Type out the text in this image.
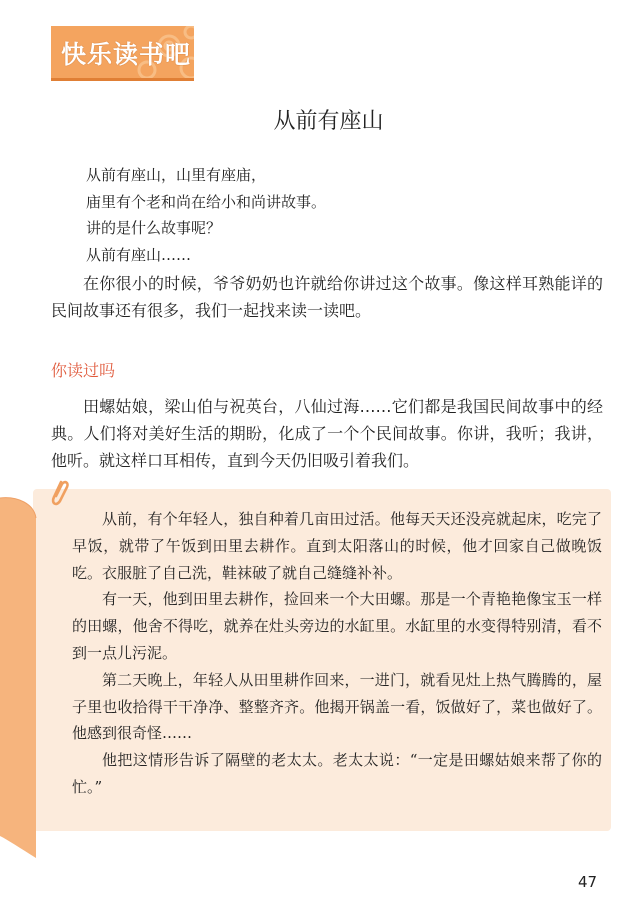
快乐读书吧
从前有座山
从前有座山，山里有座庙，
庙里有个老和尚在给小和尚讲故事。
讲的是什么故事呢？
从前有座山……
在你很小的时候，爷爷奶奶也许就给你讲过这个故事。像这样耳熟能详的民间故事还有很多，我们一起找来读一读吧。
你读过吗
田螺姑娘，梁山伯与祝英台，八仙过海……它们都是我国民间故事中的经典。人们将对美好生活的期盼，化成了一个个民间故事。你讲，我听；我讲，他听。就这样口耳相传，直到今天仍旧吸引着我们。

从前，有个年轻人，独自种着几亩田过活。他每天天还没亮就起床，吃完了早饭，就带了午饭到田里去耕作。直到太阳落山的时候，他才回家自己做晚饭吃。衣服脏了自己洗，鞋袜破了就自己缝缝补补。

有一天，他到田里去耕作，捡回来一个大田螺。那是一个青艳艳像宝玉一样的田螺，他舍不得吃，就养在灶头旁边的水缸里。水缸里的水变得特别清，看不到一点儿污泥。

第二天晚上，年轻人从田里耕作回来，一进门，就看见灶上热气腾腾的，屋子里也收拾得干干净净、整整齐齐。他揭开锅盖一看，饭做好了，菜也做好了。他感到很奇怪……

他把这情形告诉了隔壁的老太太。老太太说：“一定是田螺姑娘来帮了你的忙。”

47
